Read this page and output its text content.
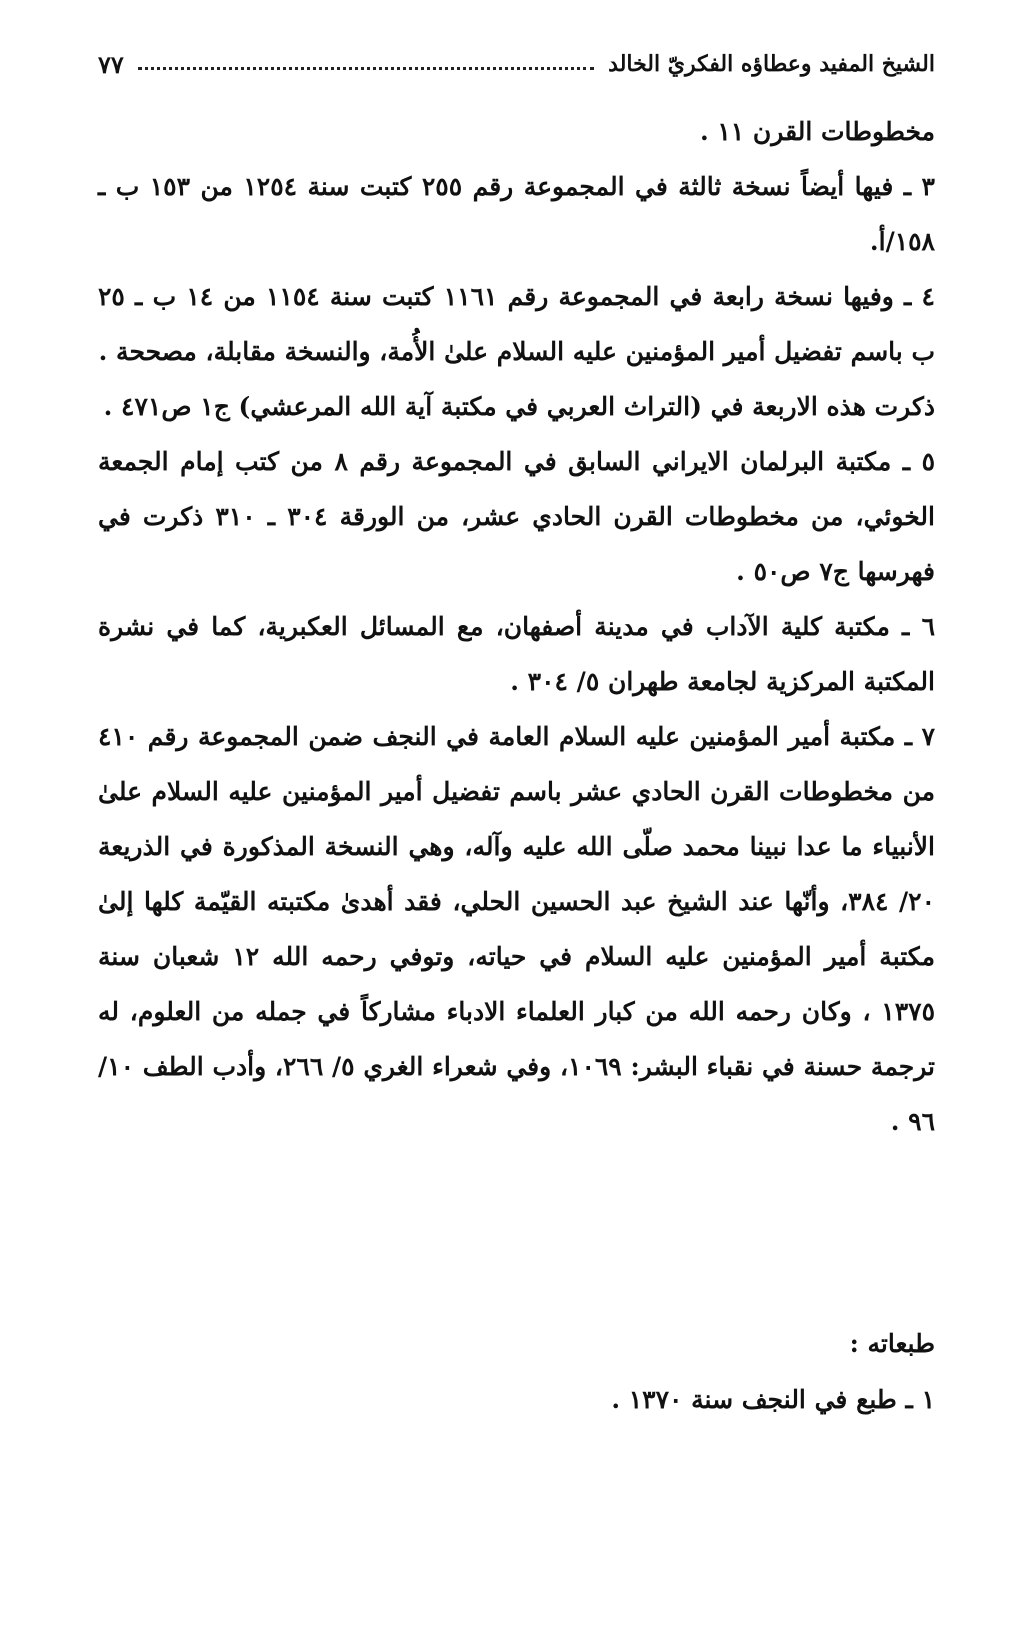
الشيخ المفيد وعطاؤه الفكريّ الخالد
٧٧

مخطوطات القرن ١١ .

٣ ـ فيها أيضاً نسخة ثالثة في المجموعة رقم ٢٥٥ كتبت سنة ١٢٥٤ من ١٥٣ ب ـ ١٥٨/أ.

٤ ـ وفيها نسخة رابعة في المجموعة رقم ١١٦١ كتبت سنة ١١٥٤ من ١٤ ب ـ ٢٥ ب باسم تفضيل أمير المؤمنين عليه السلام علىٰ الأُمة، والنسخة مقابلة، مصححة .

ذكرت هذه الاربعة في (التراث العربي في مكتبة آية الله المرعشي) ج١ ص٤٧١ .

٥ ـ مكتبة البرلمان الايراني السابق في المجموعة رقم ٨ من كتب إمام الجمعة الخوئي، من مخطوطات القرن الحادي عشر، من الورقة ٣٠٤ ـ ٣١٠ ذكرت في فهرسها ج٧ ص٥٠ .

٦ ـ مكتبة كلية الآداب في مدينة أصفهان، مع المسائل العكبرية، كما في نشرة المكتبة المركزية لجامعة طهران ٥/ ٣٠٤ .

٧ ـ مكتبة أمير المؤمنين عليه السلام العامة في النجف ضمن المجموعة رقم ٤١٠ من مخطوطات القرن الحادي عشر باسم تفضيل أمير المؤمنين عليه السلام علىٰ الأنبياء ما عدا نبينا محمد صلّى الله عليه وآله، وهي النسخة المذكورة في الذريعة ٢٠/ ٣٨٤، وأنّها عند الشيخ عبد الحسين الحلي، فقد أهدىٰ مكتبته القيّمة كلها إلىٰ مكتبة أمير المؤمنين عليه السلام في حياته، وتوفي رحمه الله ١٢ شعبان سنة ١٣٧٥ ، وكان رحمه الله من كبار العلماء الادباء مشاركاً في جمله من العلوم، له ترجمة حسنة في نقباء البشر: ١٠٦٩، وفي شعراء الغري ٥/ ٢٦٦، وأدب الطف ١٠/ ٩٦ .

طبعاته :
١ ـ طبع في النجف سنة ١٣٧٠ .
